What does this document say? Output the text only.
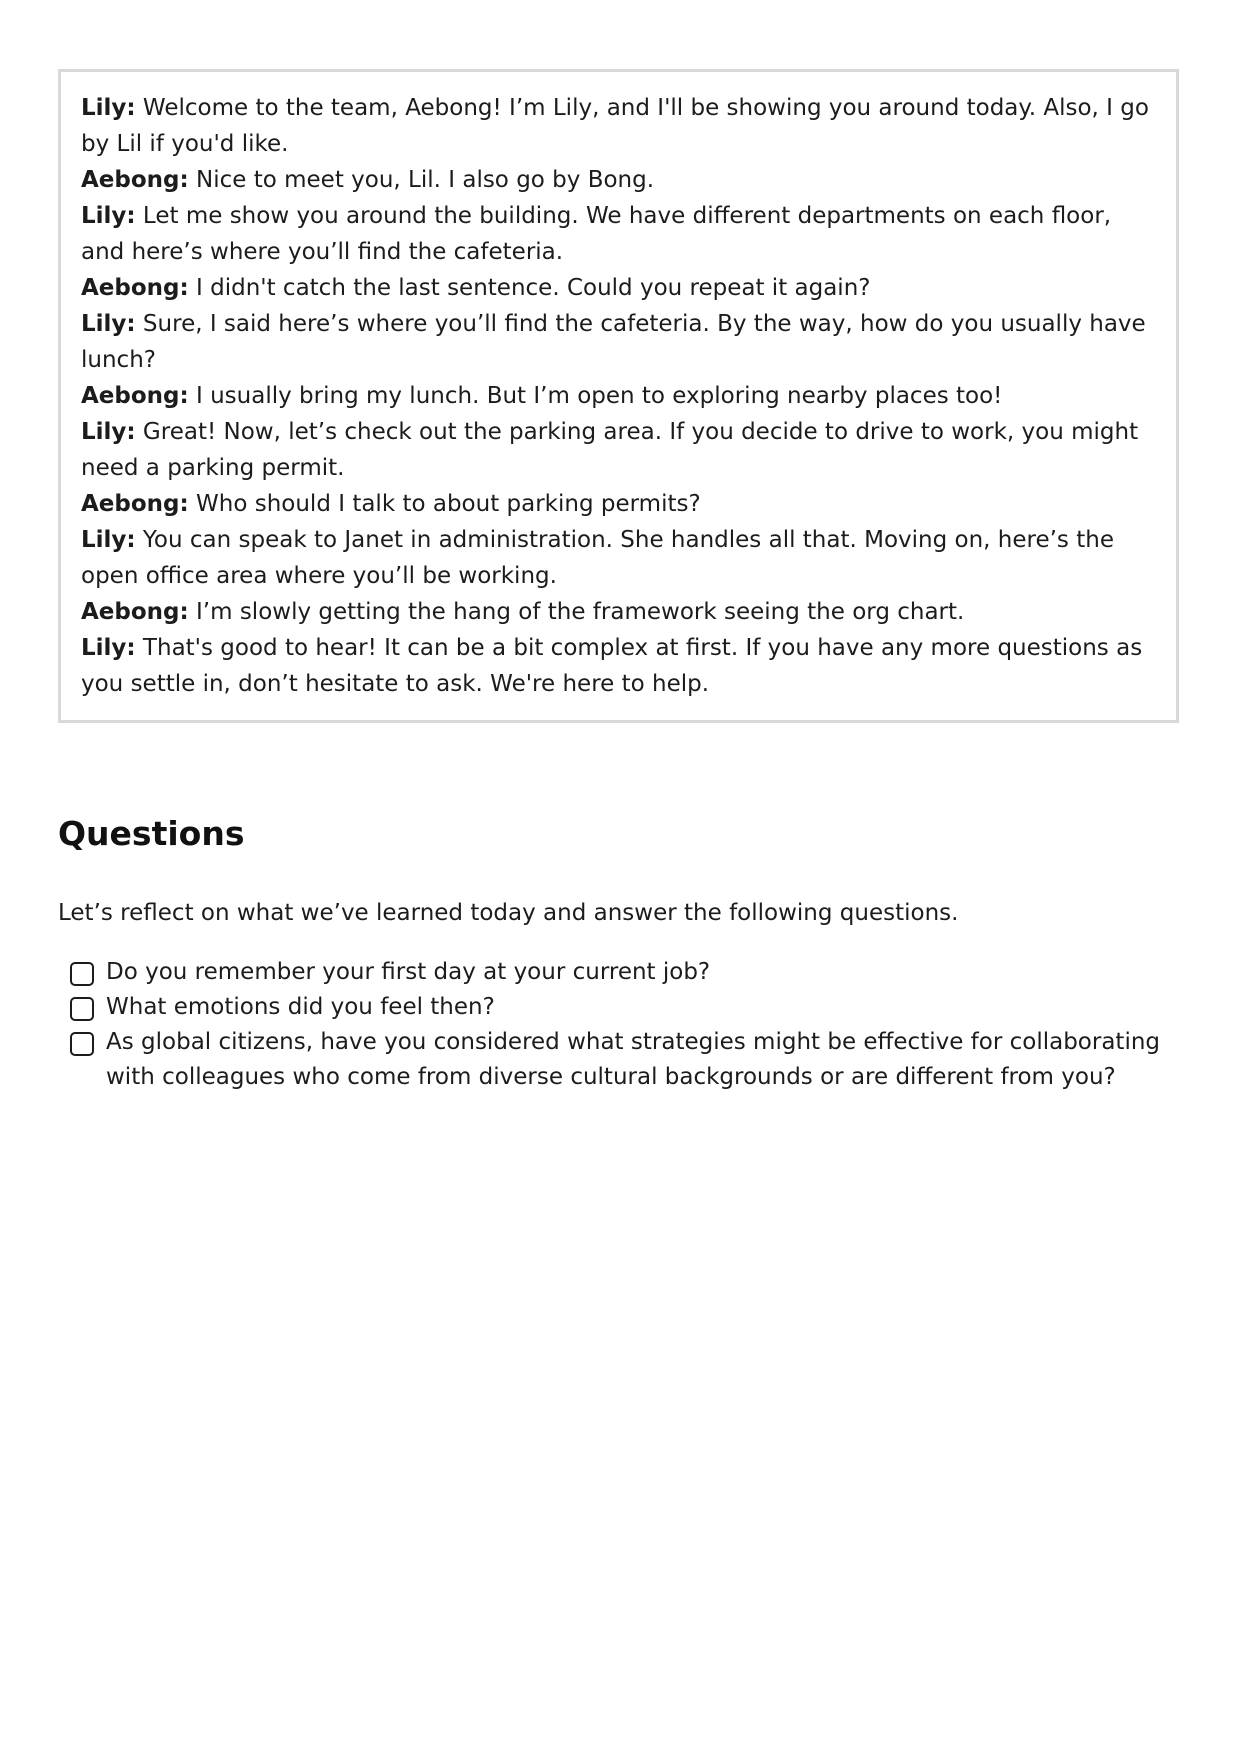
Lily: Welcome to the team, Aebong! I’m Lily, and I'll be showing you around today. Also, I go by Lil if you'd like.

Aebong: Nice to meet you, Lil. I also go by Bong.

Lily: Let me show you around the building. We have different departments on each floor, and here’s where you’ll find the cafeteria.

Aebong: I didn't catch the last sentence. Could you repeat it again?

Lily: Sure, I said here’s where you’ll find the cafeteria. By the way, how do you usually have lunch?

Aebong: I usually bring my lunch. But I’m open to exploring nearby places too!

Lily: Great! Now, let’s check out the parking area. If you decide to drive to work, you might need a parking permit.

Aebong: Who should I talk to about parking permits?

Lily: You can speak to Janet in administration. She handles all that. Moving on, here’s the open office area where you’ll be working.

Aebong: I’m slowly getting the hang of the framework seeing the org chart.

Lily: That's good to hear! It can be a bit complex at first. If you have any more questions as you settle in, don’t hesitate to ask. We're here to help.

Questions

Let’s reflect on what we’ve learned today and answer the following questions.

Do you remember your first day at your current job?
What emotions did you feel then?
As global citizens, have you considered what strategies might be effective for collaborating with colleagues who come from diverse cultural backgrounds or are different from you?
